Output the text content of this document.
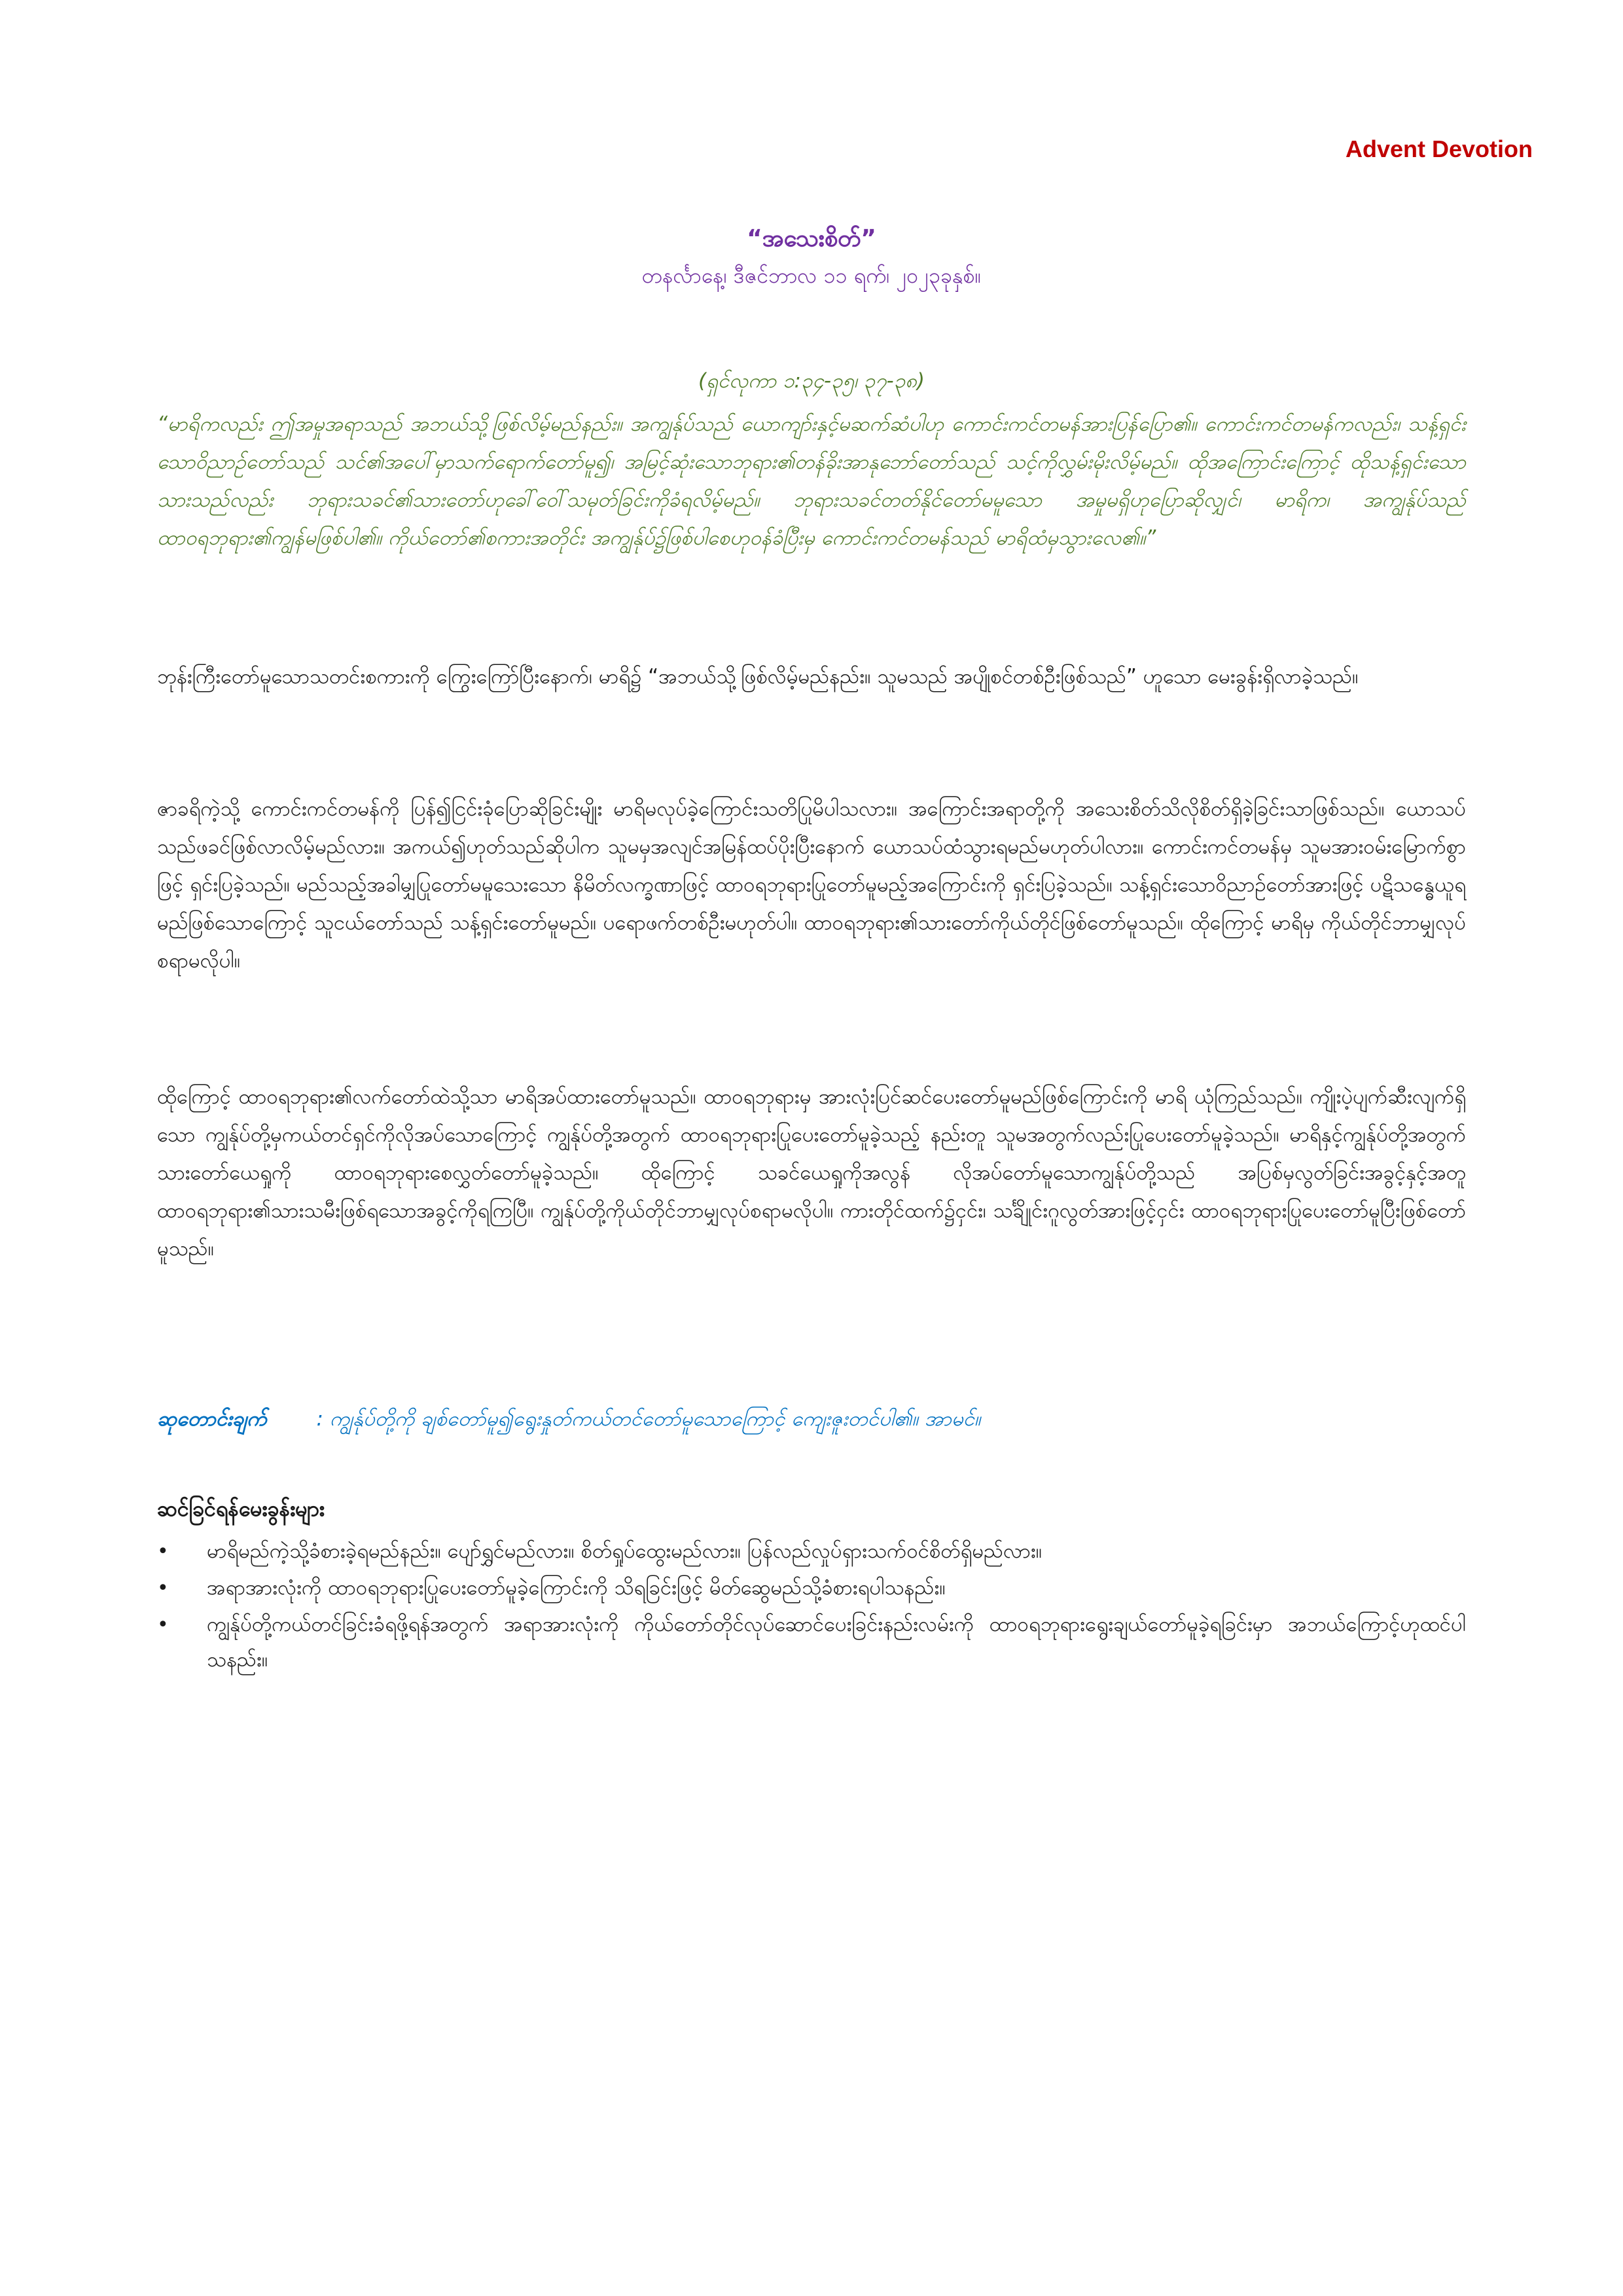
Advent Devotion
“အသေးစိတ်”
တနင်္လာနေ့၊ ဒီဇင်ဘာလ ၁၁ ရက်၊ ၂၀၂၃ခုနှစ်။
(ရှင်လုကာ ၁:၃၄-၃၅၊ ၃၇-၃၈)
“မာရိကလည်း ဤအမှုအရာသည် အဘယ်သို့ဖြစ်လိမ့်မည်နည်း။ အကျွန်ုပ်သည် ယောကျာ်းနှင့်မဆက်ဆံပါဟု ကောင်းကင်တမန်အားပြန်ပြော၏။ ကောင်းကင်တမန်ကလည်း၊ သန့်ရှင်းသောဝိညာဉ်တော်သည် သင်၏အပေါ်မှာသက်ရောက်တော်မူ၍၊ အမြင့်ဆုံးသောဘုရား၏တန်ခိုးအာနုဘော်တော်သည် သင့်ကိုလွှမ်းမိုးလိမ့်မည်။ ထိုအကြောင်းကြောင့် ထိုသန့်ရှင်းသောသားသည်လည်း ဘုရားသခင်၏သားတော်ဟုခေါ်ဝေါ်သမုတ်ခြင်းကိုခံရလိမ့်မည်။ ဘုရားသခင်တတ်နိုင်တော်မမူသော အမှုမရှိဟုပြောဆိုလျှင်၊ မာရိက၊ အကျွန်ုပ်သည် ထာဝရဘုရား၏ကျွန်မဖြစ်ပါ၏။ ကိုယ်တော်၏စကားအတိုင်း အကျွန်ုပ်၌ဖြစ်ပါစေဟုဝန်ခံပြီးမှ ကောင်းကင်တမန်သည် မာရိထံမှသွားလေ၏။”

ဘုန်းကြီးတော်မူသောသတင်းစကားကို ကြွေးကြော်ပြီးနောက်၊ မာရိ၌ “အဘယ်သို့ဖြစ်လိမ့်မည်နည်း။ သူမသည် အပျိုစင်တစ်ဦးဖြစ်သည်” ဟူသော မေးခွန်းရှိလာခဲ့သည်။

ဇာခရိကဲ့သို့ ကောင်းကင်တမန်ကို ပြန်၍ငြင်းခုံပြောဆိုခြင်းမျိုး မာရိမလုပ်ခဲ့ကြောင်းသတိပြုမိပါသလား။ အကြောင်းအရာတို့ကို အသေးစိတ်သိလိုစိတ်ရှိခဲ့ခြင်းသာဖြစ်သည်။ ယောသပ်သည်ဖခင်ဖြစ်လာလိမ့်မည်လား။ အကယ်၍ဟုတ်သည်ဆိုပါက သူမမှအလျင်အမြန်ထပ်ပိုးပြီးနောက် ယောသပ်ထံသွားရမည်မဟုတ်ပါလား။ ကောင်းကင်တမန်မှ သူမအားဝမ်းမြောက်စွာဖြင့် ရှင်းပြခဲ့သည်။ မည်သည့်အခါမျှပြုတော်မမူသေးသော နိမိတ်လက္ခဏာဖြင့် ထာဝရဘုရားပြုတော်မူမည့်အကြောင်းကို ရှင်းပြခဲ့သည်။ သန့်ရှင်းသောဝိညာဉ်တော်အားဖြင့် ပဋိသန္ဓေယူရမည်ဖြစ်သောကြောင့် သူငယ်တော်သည် သန့်ရှင်းတော်မူမည်။ ပရောဖက်တစ်ဦးမဟုတ်ပါ။ ထာဝရဘုရား၏သားတော်ကိုယ်တိုင်ဖြစ်တော်မူသည်။ ထိုကြောင့် မာရိမှ ကိုယ်တိုင်ဘာမျှလုပ်စရာမလိုပါ။

ထိုကြောင့် ထာဝရဘုရား၏လက်တော်ထဲသို့သာ မာရိအပ်ထားတော်မူသည်။ ထာဝရဘုရားမှ အားလုံးပြင်ဆင်ပေးတော်မူမည်ဖြစ်ကြောင်းကို မာရိ ယုံကြည်သည်။ ကျိုးပဲ့ပျက်ဆီးလျက်ရှိသော ကျွန်ုပ်တို့မှကယ်တင်ရှင်ကိုလိုအပ်သောကြောင့် ကျွန်ုပ်တို့အတွက် ထာဝရဘုရားပြုပေးတော်မူခဲ့သည့် နည်းတူ သူမအတွက်လည်းပြုပေးတော်မူခဲ့သည်။ မာရိနှင့်ကျွန်ုပ်တို့အတွက် သားတော်ယေရှုကို ထာဝရဘုရားစေလွှတ်တော်မူခဲ့သည်။ ထိုကြောင့် သခင်ယေရှုကိုအလွန် လိုအပ်တော်မူသောကျွန်ုပ်တို့သည် အပြစ်မှလွတ်ခြင်းအခွင့်နှင့်အတူ ထာဝရဘုရား၏သားသမီးဖြစ်ရသောအခွင့်ကိုရကြပြီ။ ကျွန်ုပ်တို့ကိုယ်တိုင်ဘာမျှလုပ်စရာမလိုပါ။ ကားတိုင်ထက်၌ငှင်း၊ သင်္ချိုင်းဂူလွတ်အားဖြင့်ငှင်း ထာဝရဘုရားပြုပေးတော်မူပြီးဖြစ်တော်မူသည်။

ဆုတောင်းချက်	: ကျွန်ုပ်တို့ကို ချစ်တော်မူ၍ရွေးနှုတ်ကယ်တင်တော်မူသောကြောင့် ကျေးဇူးတင်ပါ၏။ အာမင်။
ဆင်ခြင်ရန်မေးခွန်းများ
•	မာရိမည်ကဲ့သို့ခံစားခဲ့ရမည်နည်း။ ပျော်ရွှင်မည်လား။ စိတ်ရှုပ်ထွေးမည်လား။ ပြန်လည်လှုပ်ရှားသက်ဝင်စိတ်ရှိမည်လား။
•	အရာအားလုံးကို ထာဝရဘုရားပြုပေးတော်မူခဲ့ကြောင်းကို သိရခြင်းဖြင့် မိတ်ဆွေမည်သို့ခံစားရပါသနည်း။
•	ကျွန်ုပ်တို့ကယ်တင်ခြင်းခံရဖို့ရန်အတွက် အရာအားလုံးကို ကိုယ်တော်တိုင်လုပ်ဆောင်ပေးခြင်းနည်းလမ်းကို ထာဝရဘုရားရွေးချယ်တော်မူခဲ့ရခြင်းမှာ အဘယ်ကြောင့်ဟုထင်ပါသနည်း။
